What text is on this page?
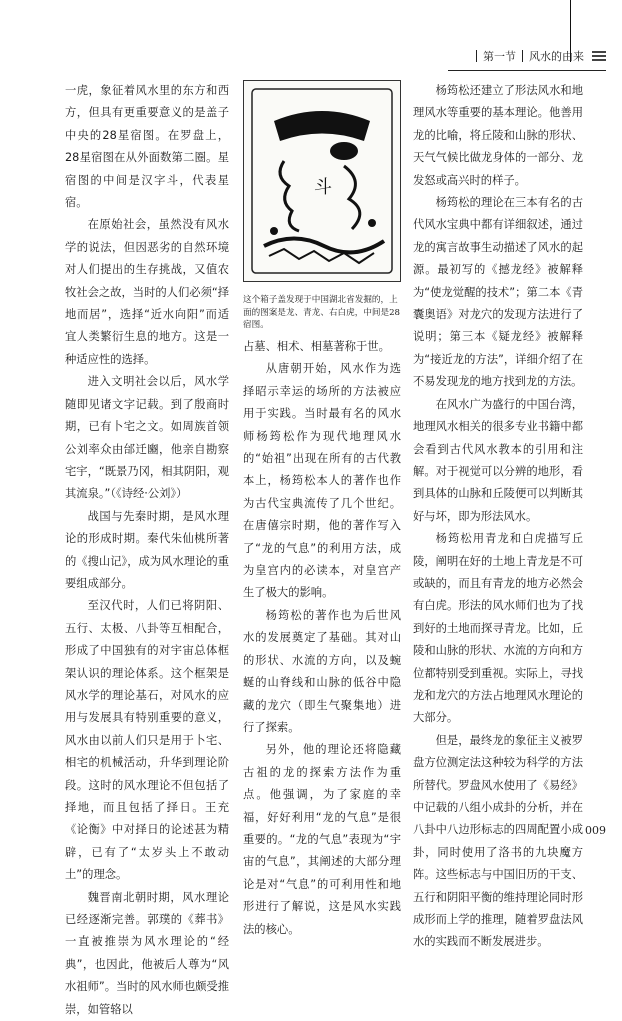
第一节 风水的由来

一虎，象征着风水里的东方和西方，但具有更重要意义的是盖子中央的28星宿图。在罗盘上，28星宿图在从外面数第二圈。星宿图的中间是汉字斗，代表星宿。

在原始社会，虽然没有风水学的说法，但因恶劣的自然环境对人们提出的生存挑战，又值农牧社会之故，当时的人们必须“择地而居”，选择“近水向阳”而适宜人类繁衍生息的地方。这是一种适应性的选择。

进入文明社会以后，风水学随即见诸文字记载。到了殷商时期，已有卜宅之文。如周族首领公刘率众由邰迁豳，他亲自勘察宅宇，“既景乃冈，相其阴阳，观其流泉。”（《诗经·公刘》）

战国与先秦时期，是风水理论的形成时期。秦代朱仙桃所著的《搜山记》，成为风水理论的重要组成部分。

至汉代时，人们已将阴阳、五行、太极、八卦等互相配合，形成了中国独有的对宇宙总体框架认识的理论体系。这个框架是风水学的理论基石，对风水的应用与发展具有特别重要的意义，风水由以前人们只是用于卜宅、相宅的机械活动，升华到理论阶段。这时的风水理论不但包括了择地，而且包括了择日。王充《论衡》中对择日的论述甚为精辟，已有了“太岁头上不敢动土”的理念。

魏晋南北朝时期，风水理论已经逐渐完善。郭璞的《葬书》一直被推崇为风水理论的“经典”，也因此，他被后人尊为“风水祖师”。当时的风水师也颇受推崇，如管辂以

斗
这个箱子盖发现于中国湖北省发掘的，上面的图案是龙、青龙、右白虎，中间是28宿图。

占墓、相术、相墓著称于世。

从唐朝开始，风水作为选择昭示幸运的场所的方法被应用于实践。当时最有名的风水师杨筠松作为现代地理风水的“始祖”出现在所有的古代教本上，杨筠松本人的著作也作为古代宝典流传了几个世纪。在唐僖宗时期，他的著作写入了“龙的气息”的利用方法，成为皇宫内的必读本，对皇宫产生了极大的影响。

杨筠松的著作也为后世风水的发展奠定了基础。其对山的形状、水流的方向，以及蜿蜒的山脊线和山脉的低谷中隐藏的龙穴（即生气聚集地）进行了探索。

另外，他的理论还将隐藏古祖的龙的探索方法作为重点。他强调，为了家庭的幸福，好好利用“龙的气息”是很重要的。“龙的气息”表现为“宇宙的气息”，其阐述的大部分理论是对“气息”的可利用性和地形进行了解说，这是风水实践法的核心。

杨筠松还建立了形法风水和地理风水等重要的基本理论。他善用龙的比喻，将丘陵和山脉的形状、天气气候比做龙身体的一部分、龙发怒或高兴时的样子。

杨筠松的理论在三本有名的古代风水宝典中都有详细叙述，通过龙的寓言故事生动描述了风水的起源。最初写的《撼龙经》被解释为“使龙觉醒的技术”；第二本《青囊奥语》对龙穴的发现方法进行了说明；第三本《疑龙经》被解释为“接近龙的方法”，详细介绍了在不易发现龙的地方找到龙的方法。

在风水广为盛行的中国台湾，地理风水相关的很多专业书籍中都会看到古代风水教本的引用和注解。对于视觉可以分辨的地形，看到具体的山脉和丘陵便可以判断其好与坏，即为形法风水。

杨筠松用青龙和白虎描写丘陵，阐明在好的土地上青龙是不可或缺的，而且有青龙的地方必然会有白虎。形法的风水师们也为了找到好的土地而探寻青龙。比如，丘陵和山脉的形状、水流的方向和方位都特别受到重视。实际上，寻找龙和龙穴的方法占地理风水理论的大部分。

但是，最终龙的象征主义被罗盘方位测定法这种较为科学的方法所替代。罗盘风水使用了《易经》中记载的八组小成卦的分析，并在八卦中八边形标志的四周配置小成卦，同时使用了洛书的九块魔方阵。这些标志与中国旧历的干支、五行和阴阳平衡的维持理论同时形成形而上学的推理，随着罗盘法风水的实践而不断发展进步。

009
